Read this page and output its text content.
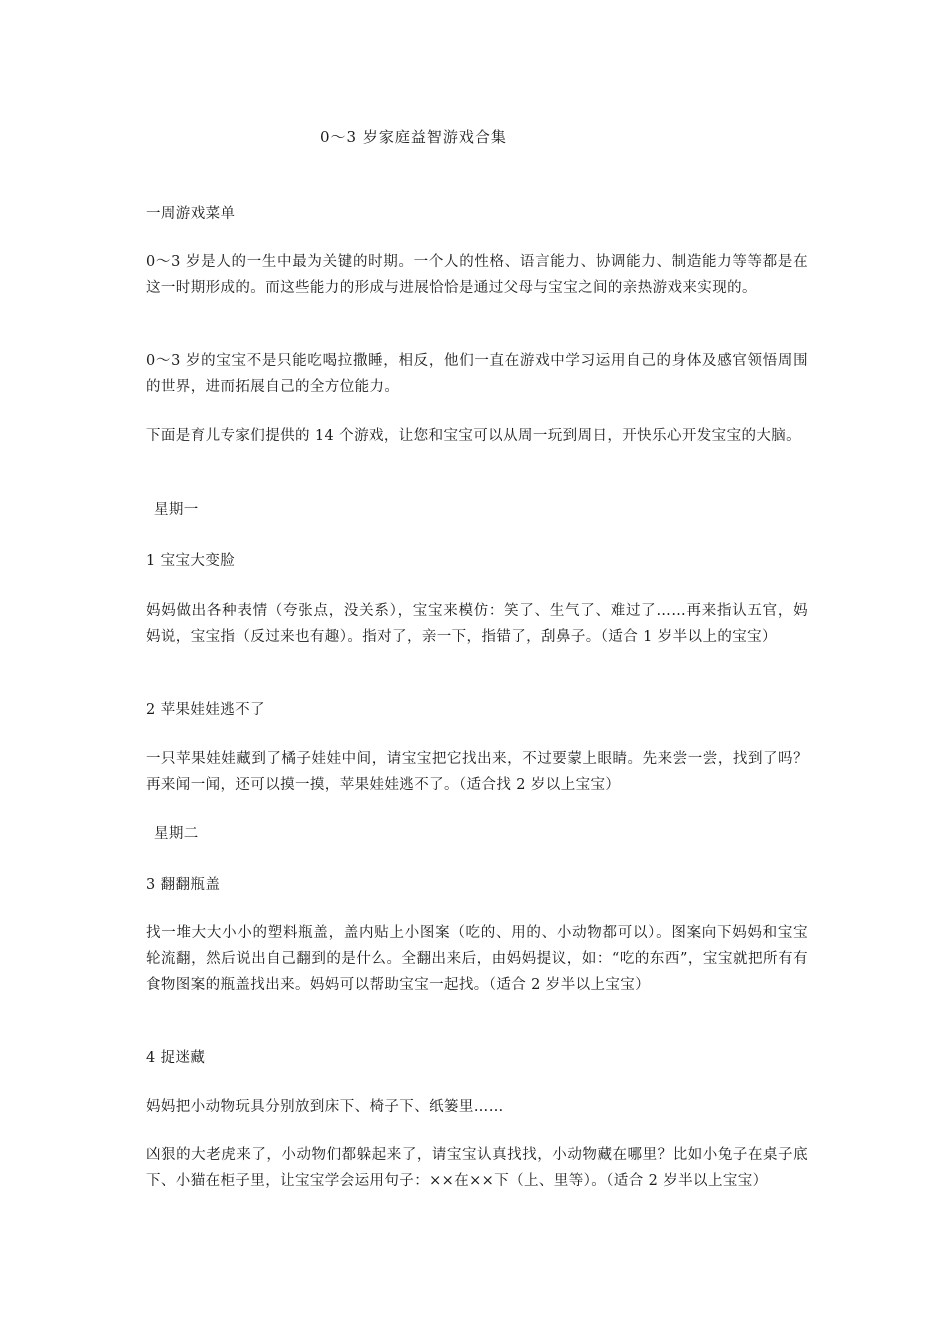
0～3 岁家庭益智游戏合集

一周游戏菜单

0～3 岁是人的一生中最为关键的时期。一个人的性格、语言能力、协调能力、制造能力等等都是在这一时期形成的。而这些能力的形成与进展恰恰是通过父母与宝宝之间的亲热游戏来实现的。

0～3 岁的宝宝不是只能吃喝拉撒睡，相反，他们一直在游戏中学习运用自己的身体及感官领悟周围的世界，进而拓展自己的全方位能力。

下面是育儿专家们提供的 14 个游戏，让您和宝宝可以从周一玩到周日，开快乐心开发宝宝的大脑。

星期一

1 宝宝大变脸

妈妈做出各种表情（夸张点，没关系），宝宝来模仿：笑了、生气了、难过了……再来指认五官，妈妈说，宝宝指（反过来也有趣）。指对了，亲一下，指错了，刮鼻子。（适合 1 岁半以上的宝宝）

2 苹果娃娃逃不了

一只苹果娃娃藏到了橘子娃娃中间，请宝宝把它找出来，不过要蒙上眼睛。先来尝一尝，找到了吗？再来闻一闻，还可以摸一摸，苹果娃娃逃不了。（适合找 2 岁以上宝宝）

星期二

3 翻翻瓶盖

找一堆大大小小的塑料瓶盖，盖内贴上小图案（吃的、用的、小动物都可以）。图案向下妈妈和宝宝轮流翻，然后说出自己翻到的是什么。全翻出来后，由妈妈提议，如：“吃的东西”，宝宝就把所有有食物图案的瓶盖找出来。妈妈可以帮助宝宝一起找。（适合 2 岁半以上宝宝）

4 捉迷藏

妈妈把小动物玩具分别放到床下、椅子下、纸篓里……

凶狠的大老虎来了，小动物们都躲起来了，请宝宝认真找找，小动物藏在哪里？比如小兔子在桌子底下、小猫在柜子里，让宝宝学会运用句子：××在××下（上、里等）。（适合 2 岁半以上宝宝）
